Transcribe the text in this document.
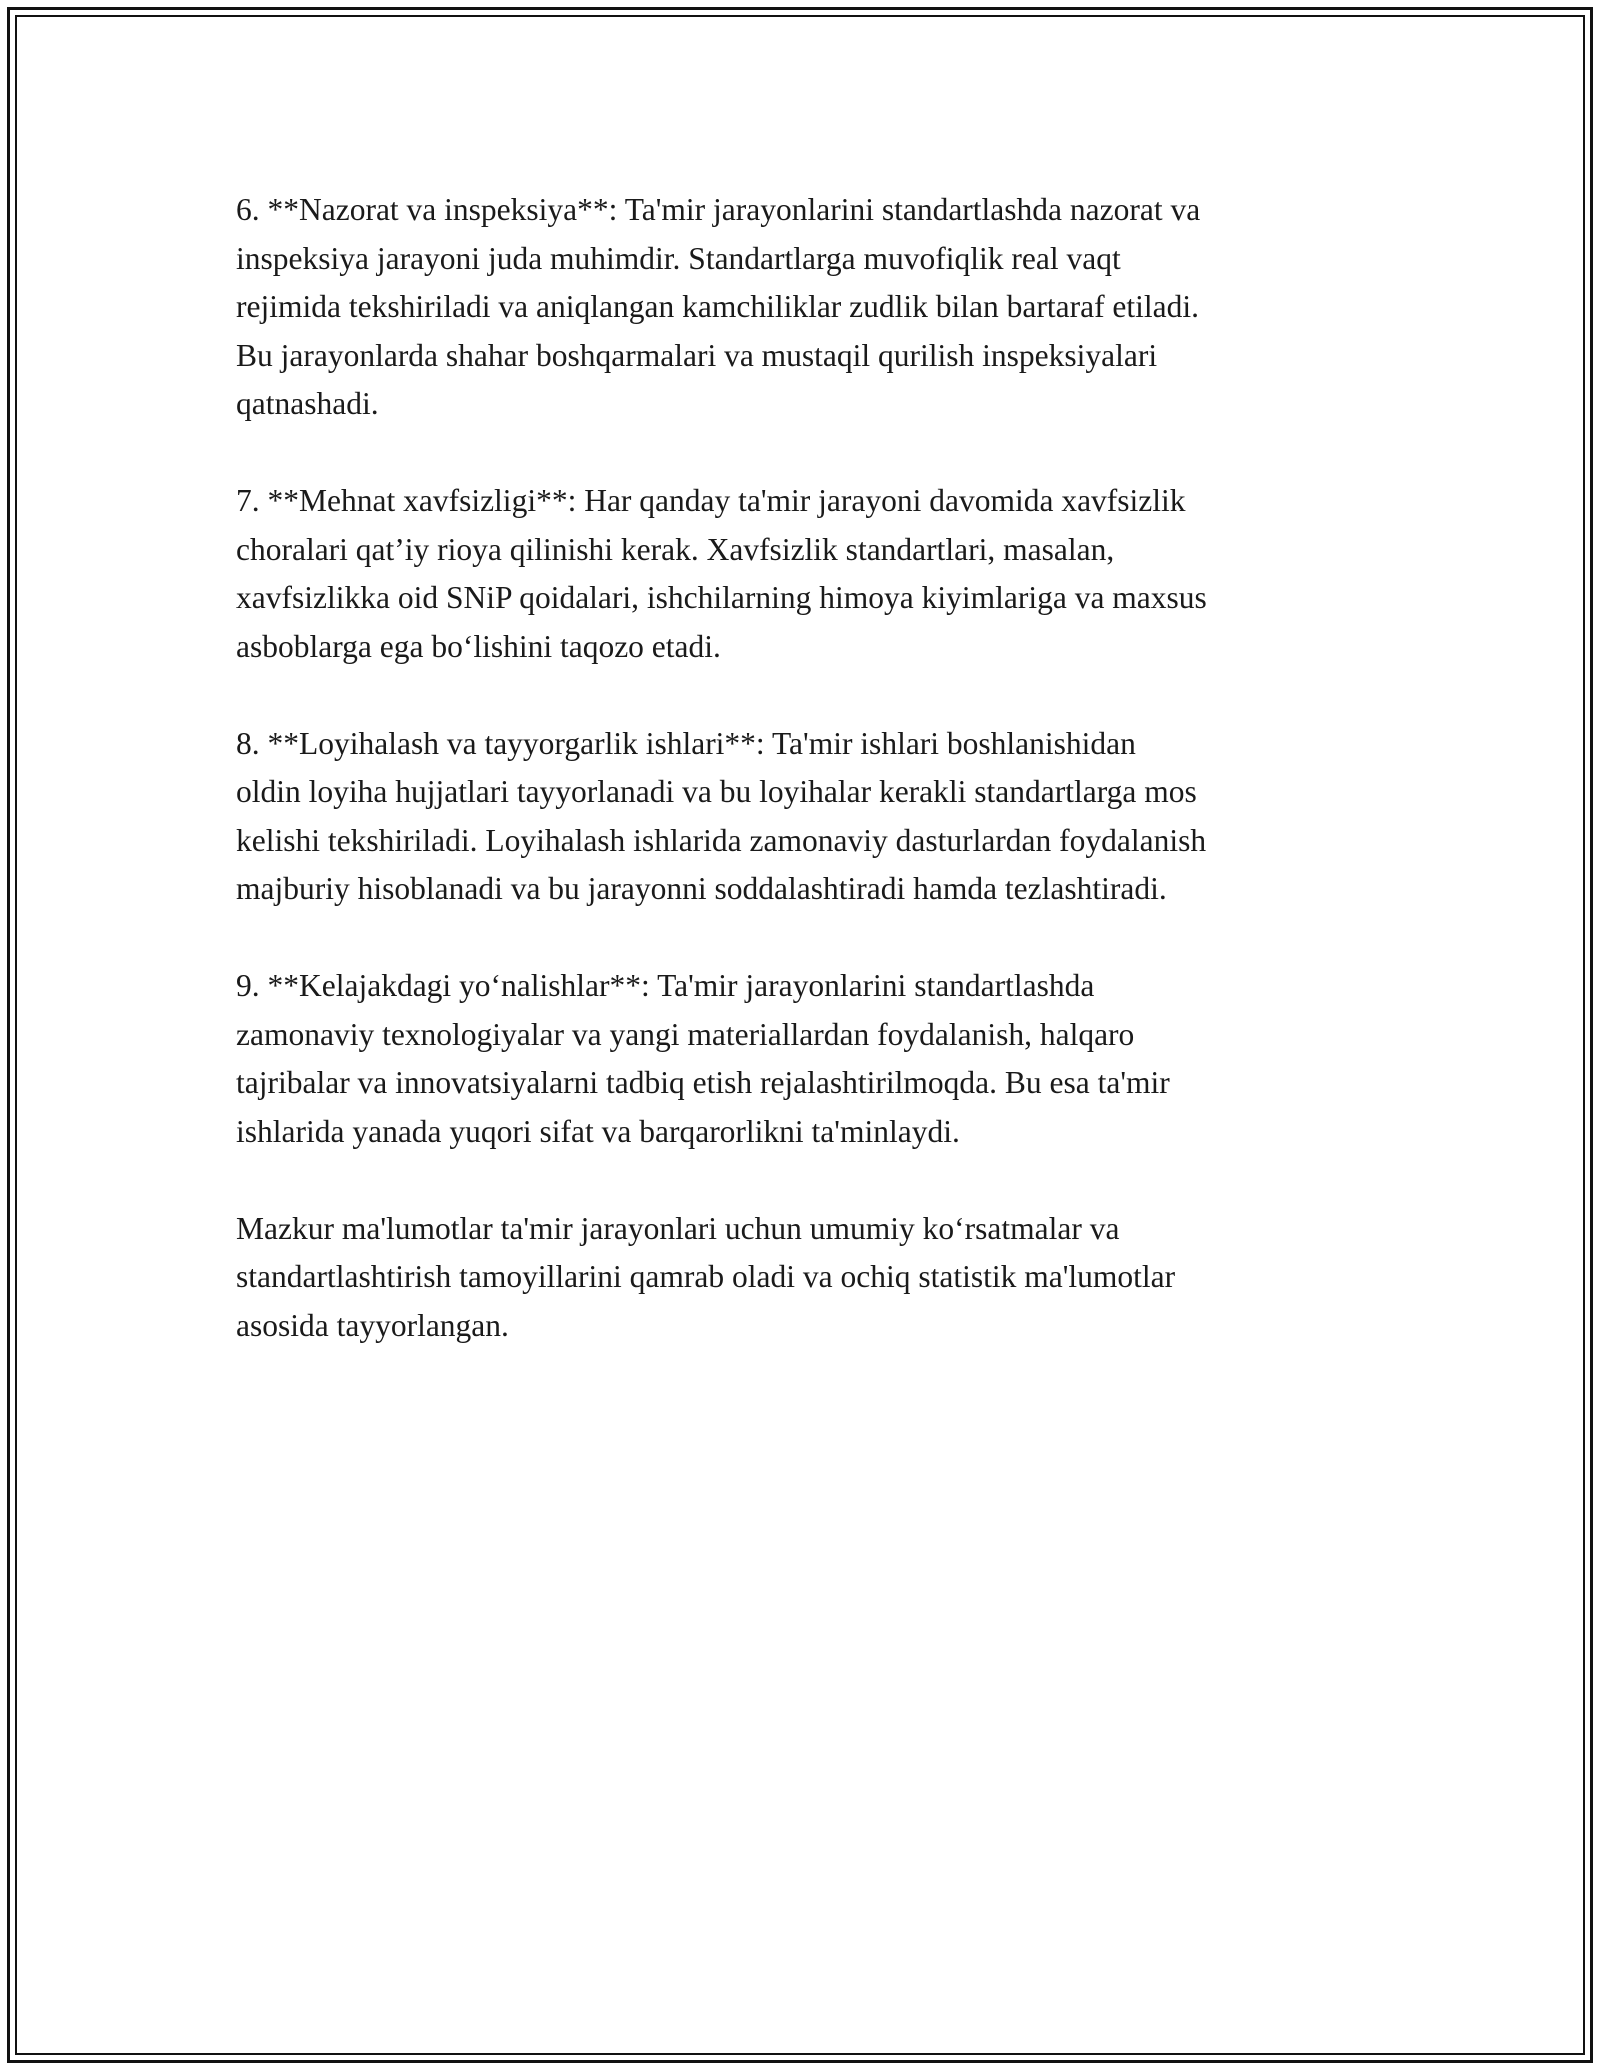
6. **Nazorat va inspeksiya**: Ta'mir jarayonlarini standartlashda nazorat va
inspeksiya jarayoni juda muhimdir. Standartlarga muvofiqlik real vaqt
rejimida tekshiriladi va aniqlangan kamchiliklar zudlik bilan bartaraf etiladi.
Bu jarayonlarda shahar boshqarmalari va mustaqil qurilish inspeksiyalari
qatnashadi.

7. **Mehnat xavfsizligi**: Har qanday ta'mir jarayoni davomida xavfsizlik
choralari qat’iy rioya qilinishi kerak. Xavfsizlik standartlari, masalan,
xavfsizlikka oid SNiP qoidalari, ishchilarning himoya kiyimlariga va maxsus
asboblarga ega bo‘lishini taqozo etadi.

8. **Loyihalash va tayyorgarlik ishlari**: Ta'mir ishlari boshlanishidan
oldin loyiha hujjatlari tayyorlanadi va bu loyihalar kerakli standartlarga mos
kelishi tekshiriladi. Loyihalash ishlarida zamonaviy dasturlardan foydalanish
majburiy hisoblanadi va bu jarayonni soddalashtiradi hamda tezlashtiradi.

9. **Kelajakdagi yo‘nalishlar**: Ta'mir jarayonlarini standartlashda
zamonaviy texnologiyalar va yangi materiallardan foydalanish, halqaro
tajribalar va innovatsiyalarni tadbiq etish rejalashtirilmoqda. Bu esa ta'mir
ishlarida yanada yuqori sifat va barqarorlikni ta'minlaydi.

Mazkur ma'lumotlar ta'mir jarayonlari uchun umumiy ko‘rsatmalar va
standartlashtirish tamoyillarini qamrab oladi va ochiq statistik ma'lumotlar
asosida tayyorlangan.
